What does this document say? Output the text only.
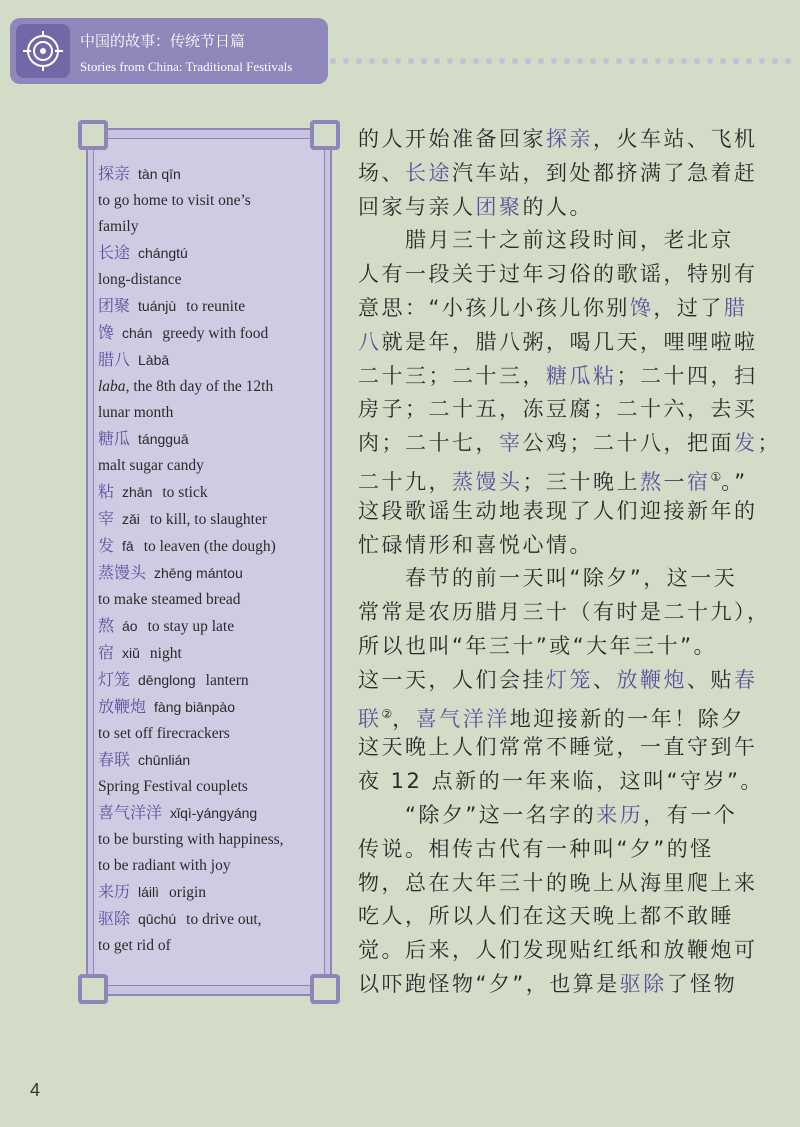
中国的故事：传统节日篇
Stories from China: Traditional Festivals
探亲 tàn qīn
to go home to visit one’s
family
长途 chángtú
long-distance
团聚 tuánjù to reunite
馋 chán greedy with food
腊八 Làbā
laba, the 8th day of the 12th
lunar month
糖瓜 tángguā
malt sugar candy
粘 zhān to stick
宰 zǎi to kill, to slaughter
发 fā to leaven (the dough)
蒸馒头 zhēng mántou
to make steamed bread
熬 áo to stay up late
宿 xiǔ night
灯笼 dēnglong lantern
放鞭炮 fàng biānpào
to set off firecrackers
春联 chūnlián
Spring Festival couplets
喜气洋洋 xǐqì-yángyáng
to be bursting with happiness,
to be radiant with joy
来历 láilì origin
驱除 qūchú to drive out,
to get rid of
的人开始准备回家探亲，火车站、飞机
场、长途汽车站，到处都挤满了急着赶
回家与亲人团聚的人。
　　腊月三十之前这段时间，老北京
人有一段关于过年习俗的歌谣，特别有
意思：“小孩儿小孩儿你别馋，过了腊
八就是年，腊八粥，喝几天，哩哩啦啦
二十三；二十三，糖瓜粘；二十四，扫
房子；二十五，冻豆腐；二十六，去买
肉；二十七，宰公鸡；二十八，把面发；
二十九，蒸馒头；三十晚上熬一宿①。”
这段歌谣生动地表现了人们迎接新年的
忙碌情形和喜悦心情。
　　春节的前一天叫“除夕”，这一天
常常是农历腊月三十（有时是二十九），
所以也叫“年三十”或“大年三十”。
这一天，人们会挂灯笼、放鞭炮、贴春
联②，喜气洋洋地迎接新的一年！除夕
这天晚上人们常常不睡觉，一直守到午
夜 12 点新的一年来临，这叫“守岁”。
　　“除夕”这一名字的来历，有一个
传说。相传古代有一种叫“夕”的怪
物，总在大年三十的晚上从海里爬上来
吃人，所以人们在这天晚上都不敢睡
觉。后来，人们发现贴红纸和放鞭炮可
以吓跑怪物“夕”，也算是驱除了怪物
4
